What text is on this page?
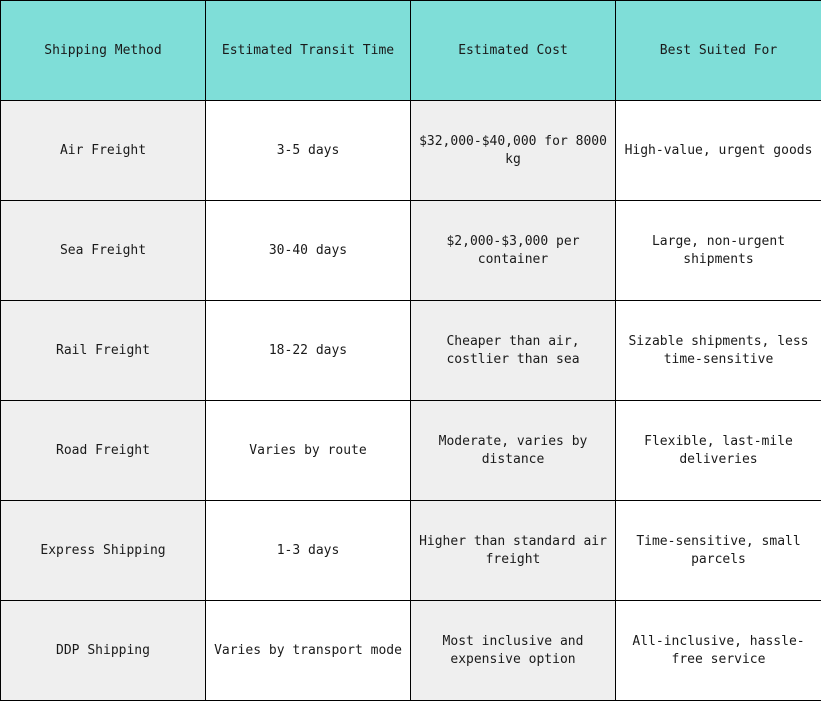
Shipping Method	Estimated Transit Time	Estimated Cost	Best Suited For
Air Freight	3-5 days	$32,000-$40,000 for 8000 kg	High-value, urgent goods
Sea Freight	30-40 days	$2,000-$3,000 per container	Large, non-urgent shipments
Rail Freight	18-22 days	Cheaper than air, costlier than sea	Sizable shipments, less time-sensitive
Road Freight	Varies by route	Moderate, varies by distance	Flexible, last-mile deliveries
Express Shipping	1-3 days	Higher than standard air freight	Time-sensitive, small parcels
DDP Shipping	Varies by transport mode	Most inclusive and expensive option	All-inclusive, hassle-free service
